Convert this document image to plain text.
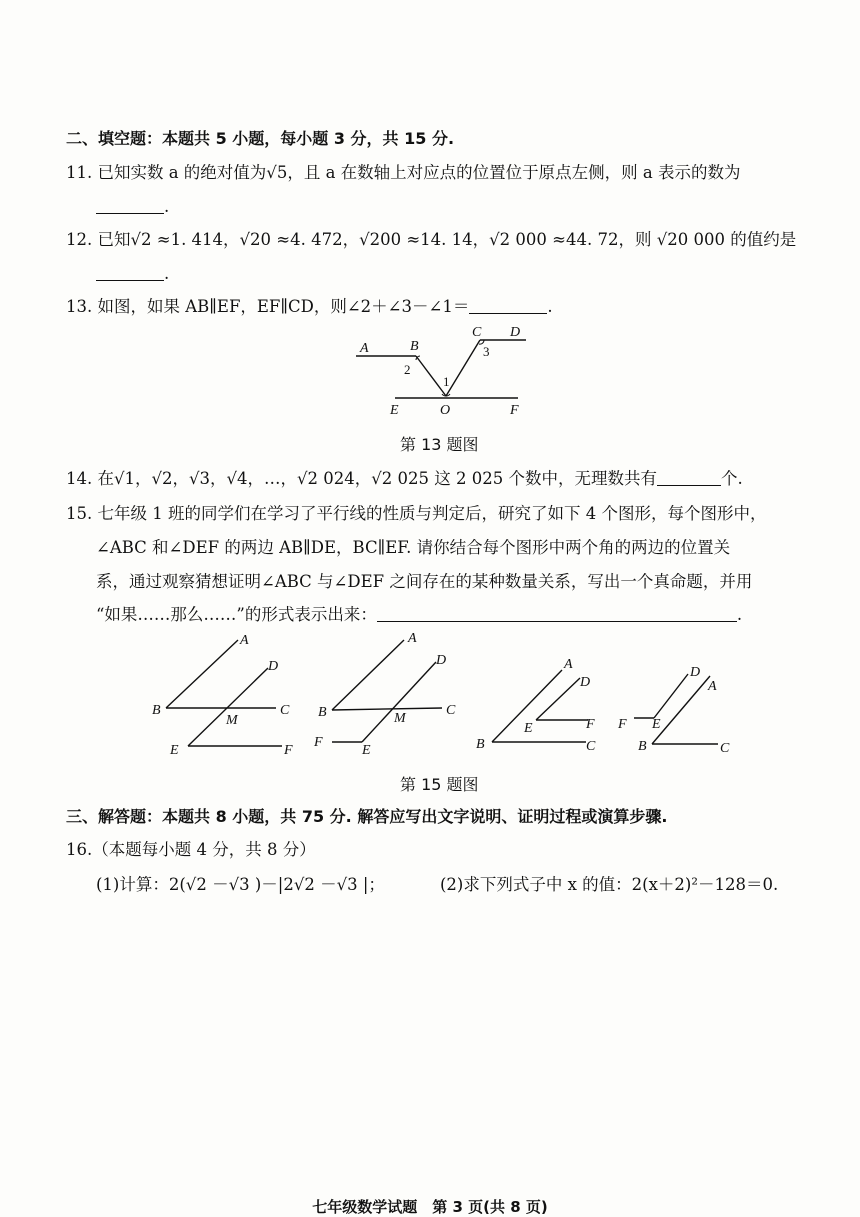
二、填空题：本题共 5 小题，每小题 3 分，共 15 分.
11. 已知实数 a 的绝对值为√5，且 a 在数轴上对应点的位置位于原点左侧，则 a 表示的数为
.
12. 已知√2 ≈1. 414，√20 ≈4. 472，√200 ≈14. 14，√2 000 ≈44. 72，则 √20 000 的值约是
.
13. 如图，如果 AB∥EF，EF∥CD，则∠2＋∠3－∠1＝	.
A	B
C D
E	O	F
1
2
3
第 13 题图
14. 在√1，√2，√3，√4，…，√2 024，√2 025 这 2 025 个数中，无理数共有	个.
15. 七年级 1 班的同学们在学习了平行线的性质与判定后，研究了如下 4 个图形，每个图形中，
∠ABC 和∠DEF 的两边 AB∥DE，BC∥EF. 请你结合每个图形中两个角的两边的位置关
系，通过观察猜想证明∠ABC 与∠DEF 之间存在的某种数量关系，写出一个真命题，并用
“如果……那么……”的形式表示出来：	.
A
D
B	C
M
E	F
A
D
B	C
M
F
E
A
D
E	F
B	C
D
A
F E
B	C
第 15 题图
三、解答题：本题共 8 小题，共 75 分. 解答应写出文字说明、证明过程或演算步骤.
16.（本题每小题 4 分，共 8 分）
(1)计算：2(√2 －√3 )－|2√2 －√3 |；	(2)求下列式子中 x 的值：2(x＋2)²－128＝0.
七年级数学试题　第 3 页(共 8 页)
